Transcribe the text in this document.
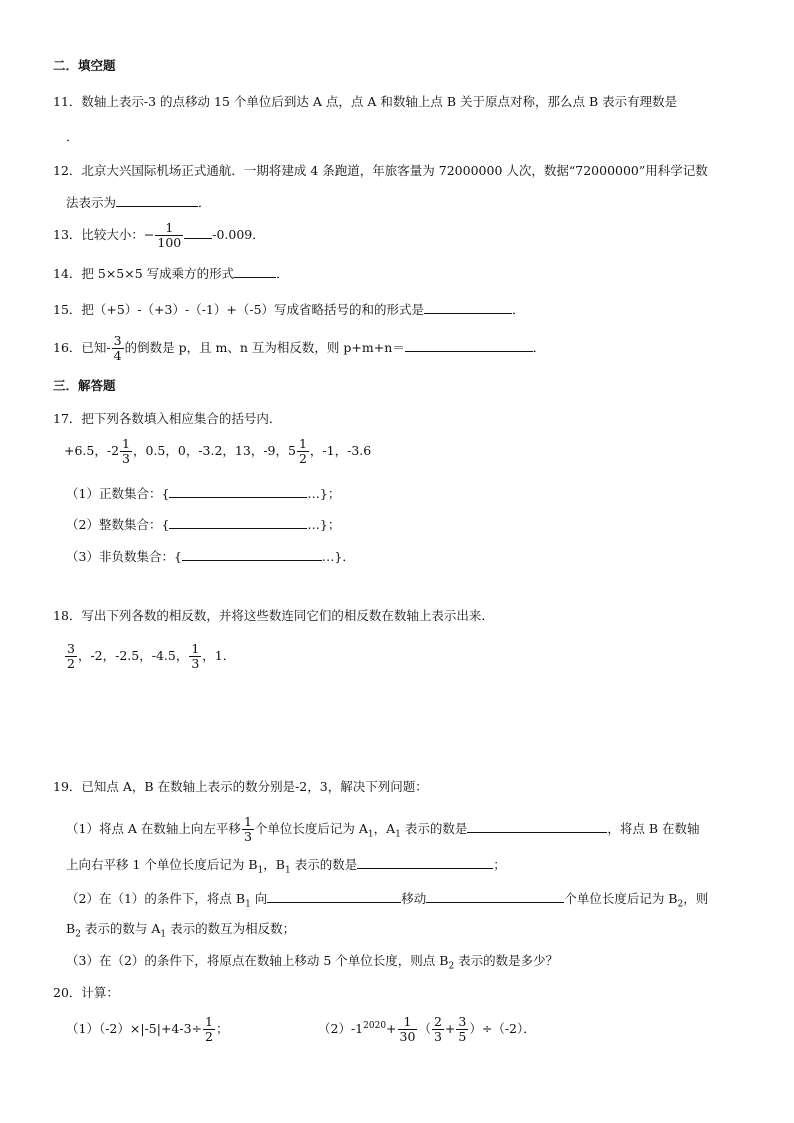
二．填空题
11．数轴上表示-3 的点移动 15 个单位后到达 A 点，点 A 和数轴上点 B 关于原点对称，那么点 B 表示有理数是
．
12．北京大兴国际机场正式通航．一期将建成 4 条跑道，年旅客量为 72000000 人次，数据“72000000”用科学记数
法表示为	．
13．比较大小：− $\frac{1}{100} -0.009$．
14．把 5×5×5 写成乘方的形式	．
15．把（+5）-（+3）-（-1）+（-5）写成省略括号的和的形式是	．
16．已知- $\frac{3}{4}$ 的倒数是 p，且 m、n 互为相反数，则 p+m+n＝	．
三．解答题
17．把下列各数填入相应集合的括号内．
+6.5，$-2 \frac{1}{3}$ ，0.5，0，-3.2，13，-9，$5 \frac{1}{2}$ ，-1，-3.6
（1）正数集合：{	…}；
（2）整数集合：{	…}；
（3）非负数集合：{	…}．
18．写出下列各数的相反数，并将这些数连同它们的相反数在数轴上表示出来．
$\frac{3}{2}$ ，-2，-2.5，-4.5， $\frac{1}{3}$ ，1．
19．已知点 A，B 在数轴上表示的数分别是-2，3，解决下列问题：
（1）将点 A 在数轴上向左平移 $\frac{1}{3}$ 个单位长度后记为 $A_1$，$A_1$ 表示的数是	，将点 B 在数轴
上向右平移 1 个单位长度后记为 $B_1$，$B_1$ 表示的数是	；
（2）在（1）的条件下，将点 $B_1$ 向	移动	个单位长度后记为 $B_2$，则
$B_2$ 表示的数与 $A_1$ 表示的数互为相反数；
（3）在（2）的条件下，将原点在数轴上移动 5 个单位长度，则点 $B_2$ 表示的数是多少？
20．计算：
$(1)(-2)\times|-5|+4-3\div \frac{1}{2}$ ；	$(2)-1^{2020}+ \frac{1}{30}$ （ $\frac{2}{3} + \frac{3}{5} )\div(-2)$．
